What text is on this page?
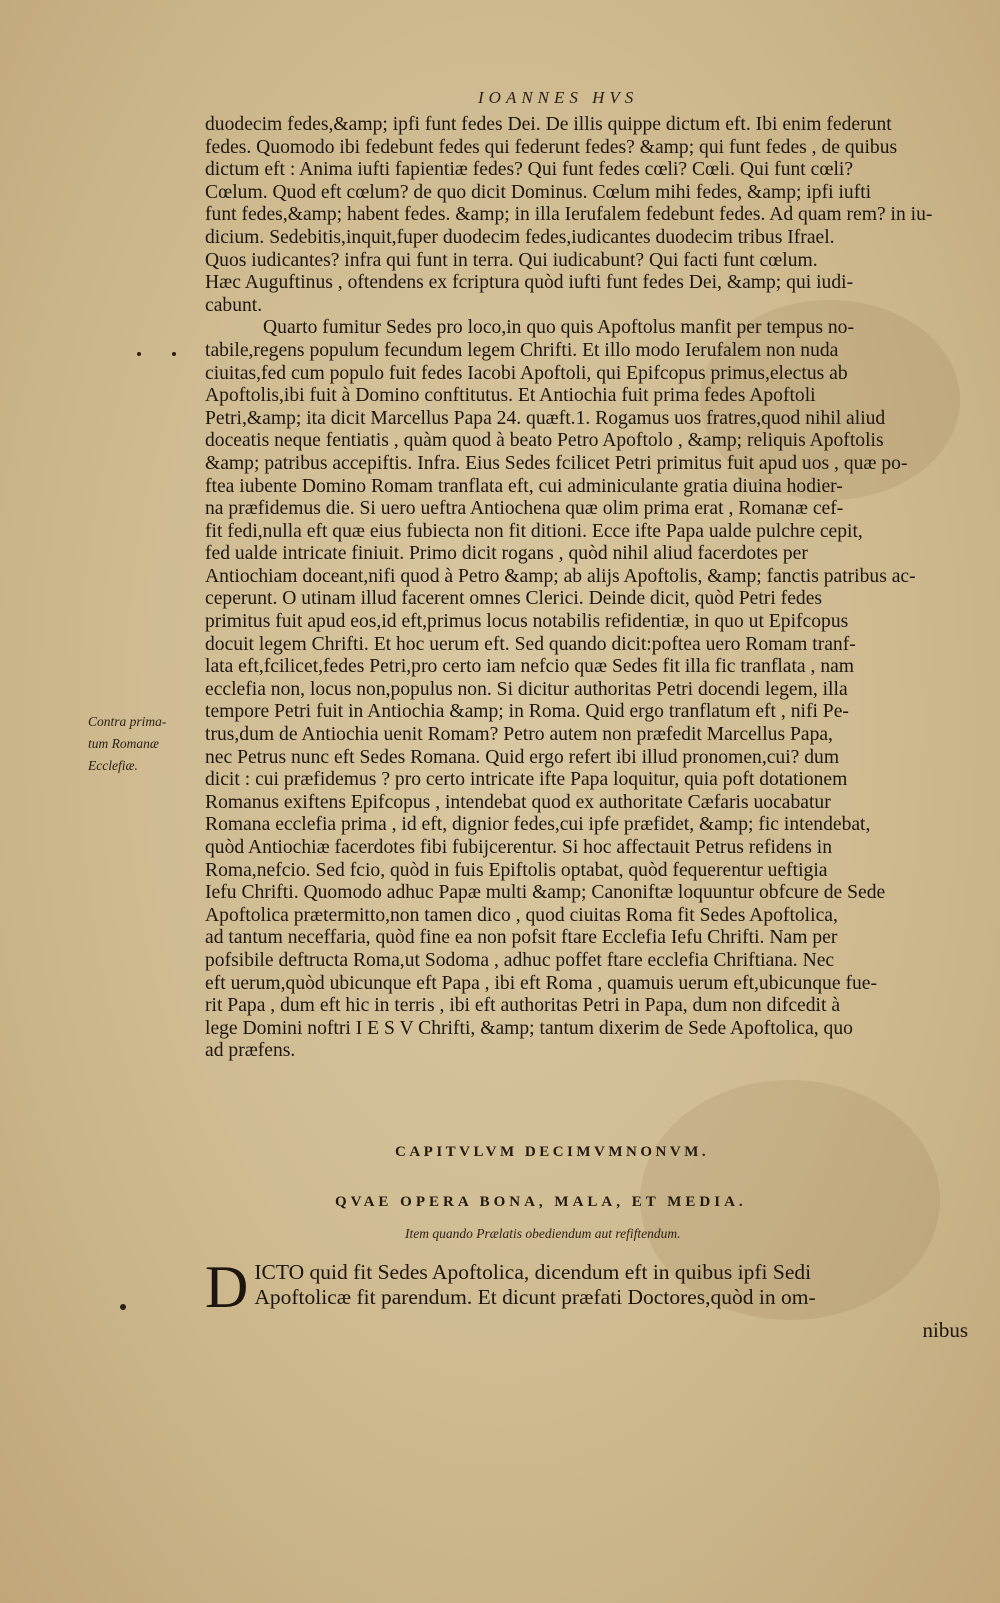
IOANNES HVS
duodecim fedes,&amp; ipfi funt fedes Dei. De illis quippe dictum eft. Ibi enim federunt
fedes. Quomodo ibi fedebunt fedes qui federunt fedes? &amp; qui funt fedes , de quibus
dictum eft : Anima iufti fapientiæ fedes? Qui funt fedes cœli? Cœli. Qui funt cœli?
Cœlum. Quod eft cœlum? de quo dicit Dominus. Cœlum mihi fedes, &amp; ipfi iufti
funt fedes,&amp; habent fedes. &amp; in illa Ierufalem fedebunt fedes. Ad quam rem? in iu-
dicium. Sedebitis,inquit,fuper duodecim fedes,iudicantes duodecim tribus Ifrael.
Quos iudicantes? infra qui funt in terra. Qui iudicabunt? Qui facti funt cœlum.
Hæc Auguftinus , oftendens ex fcriptura quòd iufti funt fedes Dei, &amp; qui iudi-
cabunt.
Quarto fumitur Sedes pro loco,in quo quis Apoftolus manfit per tempus no-
tabile,regens populum fecundum legem Chrifti. Et illo modo Ierufalem non nuda
ciuitas,fed cum populo fuit fedes Iacobi Apoftoli, qui Epifcopus primus,electus ab
Apoftolis,ibi fuit à Domino conftitutus. Et Antiochia fuit prima fedes Apoftoli
Petri,&amp; ita dicit Marcellus Papa 24. quæft.1. Rogamus uos fratres,quod nihil aliud
doceatis neque fentiatis , quàm quod à beato Petro Apoftolo , &amp; reliquis Apoftolis
&amp; patribus accepiftis. Infra. Eius Sedes fcilicet Petri primitus fuit apud uos , quæ po-
ftea iubente Domino Romam tranflata eft, cui adminiculante gratia diuina hodier-
na præfidemus die. Si uero ueftra Antiochena quæ olim prima erat , Romanæ cef-
fit fedi,nulla eft quæ eius fubiecta non fit ditioni. Ecce ifte Papa ualde pulchre cepit,
fed ualde intricate finiuit. Primo dicit rogans , quòd nihil aliud facerdotes per
Antiochiam doceant,nifi quod à Petro &amp; ab alijs Apoftolis, &amp; fanctis patribus ac-
ceperunt. O utinam illud facerent omnes Clerici. Deinde dicit, quòd Petri fedes
primitus fuit apud eos,id eft,primus locus notabilis refidentiæ, in quo ut Epifcopus
docuit legem Chrifti. Et hoc uerum eft. Sed quando dicit:poftea uero Romam tranf-
lata eft,fcilicet,fedes Petri,pro certo iam nefcio quæ Sedes fit illa fic tranflata , nam
ecclefia non, locus non,populus non. Si dicitur authoritas Petri docendi legem, illa
tempore Petri fuit in Antiochia &amp; in Roma. Quid ergo tranflatum eft , nifi Pe-
trus,dum de Antiochia uenit Romam? Petro autem non præfedit Marcellus Papa,
nec Petrus nunc eft Sedes Romana. Quid ergo refert ibi illud pronomen,cui? dum
dicit : cui præfidemus ? pro certo intricate ifte Papa loquitur, quia poft dotationem
Romanus exiftens Epifcopus , intendebat quod ex authoritate Cæfaris uocabatur
Romana ecclefia prima , id eft, dignior fedes,cui ipfe præfidet, &amp; fic intendebat,
quòd Antiochiæ facerdotes fibi fubijcerentur. Si hoc affectauit Petrus refidens in
Roma,nefcio. Sed fcio, quòd in fuis Epiftolis optabat, quòd fequerentur ueftigia
Iefu Chrifti. Quomodo adhuc Papæ multi &amp; Canoniftæ loquuntur obfcure de Sede
Apoftolica prætermitto,non tamen dico , quod ciuitas Roma fit Sedes Apoftolica,
ad tantum neceffaria, quòd fine ea non pofsit ftare Ecclefia Iefu Chrifti. Nam per
pofsibile deftructa Roma,ut Sodoma , adhuc poffet ftare ecclefia Chriftiana. Nec
eft uerum,quòd ubicunque eft Papa , ibi eft Roma , quamuis uerum eft,ubicunque fue-
rit Papa , dum eft hic in terris , ibi eft authoritas Petri in Papa, dum non difcedit à
lege Domini noftri I E S V Chrifti, &amp; tantum dixerim de Sede Apoftolica, quo
ad præfens.
Contra prima-
tum Romanæ
Ecclefiæ.
CAPITVLVM DECIMVMNONVM.
QVAE OPERA BONA, MALA, ET MEDIA.
Item quando Prælatis obediendum aut refiftendum.
D ICTO quid fit Sedes Apoftolica, dicendum eft in quibus ipfi Sedi
Apoftolicæ fit parendum. Et dicunt præfati Doctores,quòd in om-
nibus
